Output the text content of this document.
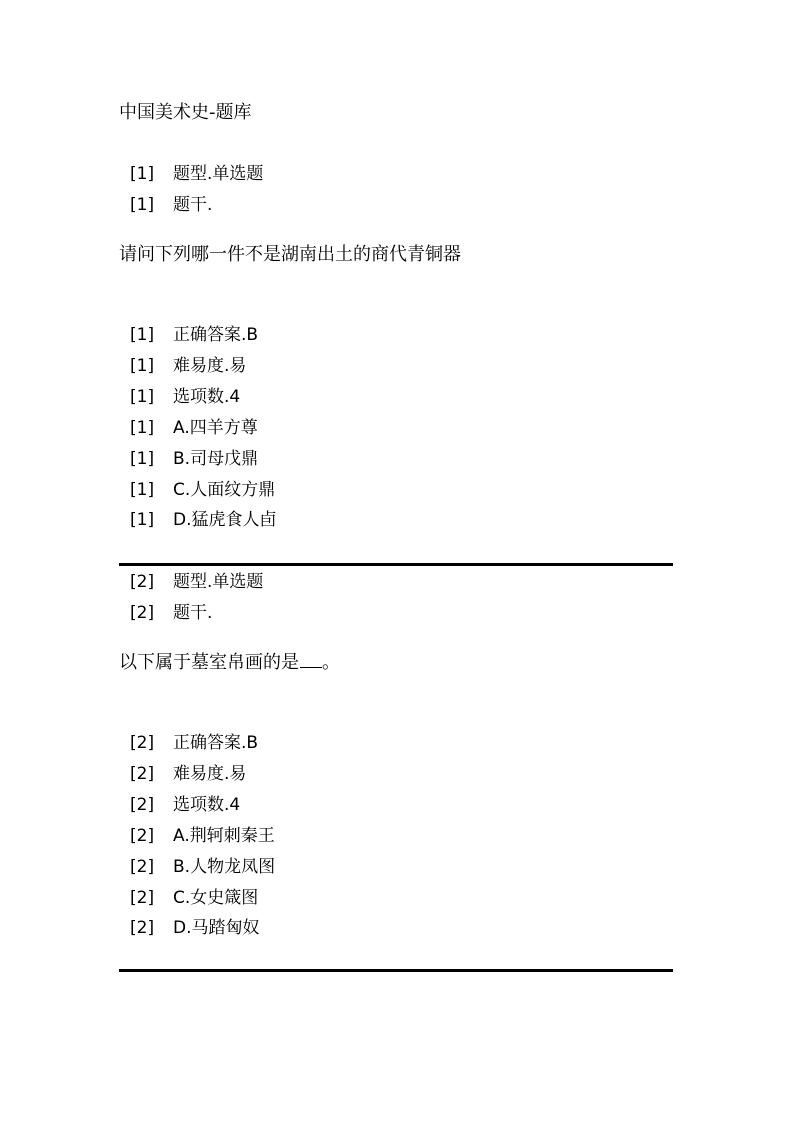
中国美术史-题库
[1] 题型.单选题
[1] 题干.
请问下列哪一件不是湖南出土的商代青铜器
[1] 正确答案.B
[1] 难易度.易
[1] 选项数.4
[1] A.四羊方尊
[1] B.司母戊鼎
[1] C.人面纹方鼎
[1] D.猛虎食人卣
[2] 题型.单选题
[2] 题干.
以下属于墓室帛画的是 。
[2] 正确答案.B
[2] 难易度.易
[2] 选项数.4
[2] A.荆轲刺秦王
[2] B.人物龙凤图
[2] C.女史箴图
[2] D.马踏匈奴
